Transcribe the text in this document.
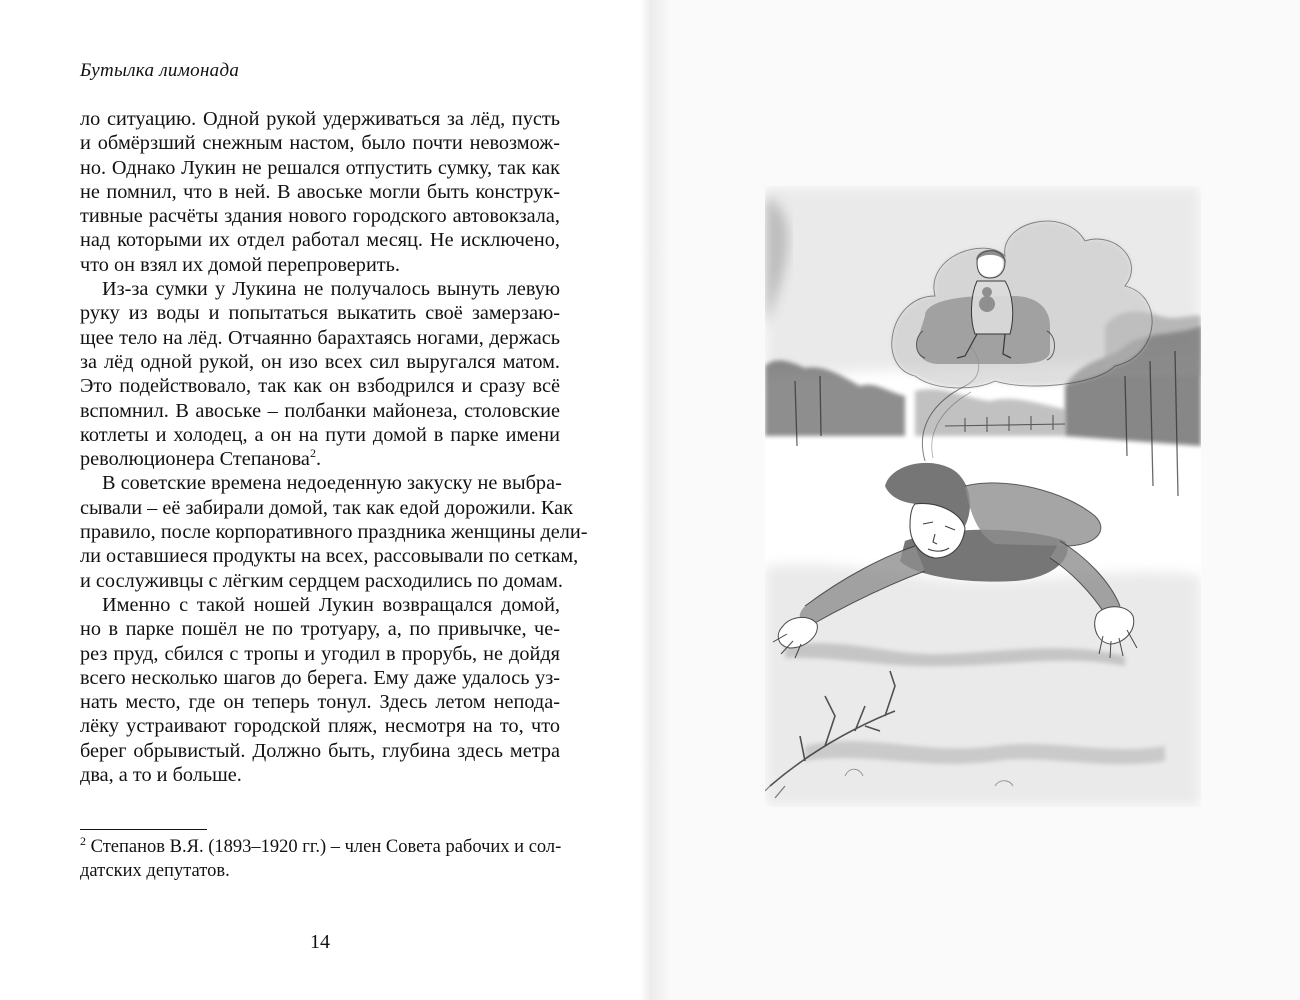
Бутылка лимонада

ло ситуацию. Одной рукой удерживаться за лёд, пусть
и обмёрзший снежным настом, было почти невозмож-
но. Однако Лукин не решался отпустить сумку, так как
не помнил, что в ней. В авоське могли быть конструк-
тивные расчёты здания нового городского автовокзала,
над которыми их отдел работал месяц. Не исключено,
что он взял их домой перепроверить.

Из-за сумки у Лукина не получалось вынуть левую
руку из воды и попытаться выкатить своё замерзаю-
щее тело на лёд. Отчаянно барахтаясь ногами, держась
за лёд одной рукой, он изо всех сил выругался матом.
Это подействовало, так как он взбодрился и сразу всё
вспомнил. В авоське – полбанки майонеза, столовские
котлеты и холодец, а он на пути домой в парке имени
революционера Степанова$^2$.

В советские времена недоеденную закуску не выбра-
сывали – её забирали домой, так как едой дорожили. Как
правило, после корпоративного праздника женщины дели-
ли оставшиеся продукты на всех, рассовывали по сеткам,
и сослуживцы с лёгким сердцем расходились по домам.

Именно с такой ношей Лукин возвращался домой,
но в парке пошёл не по тротуару, а, по привычке, че-
рез пруд, сбился с тропы и угодил в прорубь, не дойдя
всего несколько шагов до берега. Ему даже удалось уз-
нать место, где он теперь тонул. Здесь летом непода-
лёку устраивают городской пляж, несмотря на то, что
берег обрывистый. Должно быть, глубина здесь метра
два, а то и больше.

$^2$ Степанов В.Я. (1893–1920 гг.) – член Совета рабочих и сол-
датских депутатов.
14
